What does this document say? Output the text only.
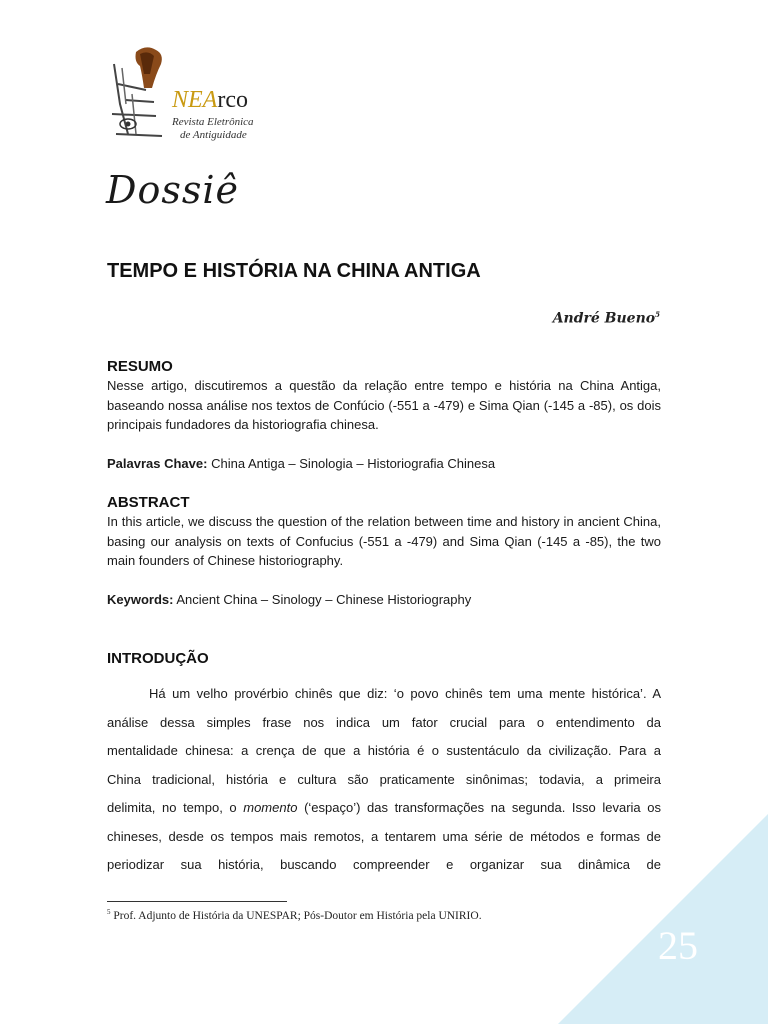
NEArco
Revista Eletrônica
de Antiguidade
Dossiê
TEMPO E HISTÓRIA NA CHINA ANTIGA
André Bueno$^5$
RESUMO

Nesse artigo, discutiremos a questão da relação entre tempo e história na China Antiga, baseando nossa análise nos textos de Confúcio (-551 a -479) e Sima Qian (-145 a -85), os dois principais fundadores da historiografia chinesa.

Palavras Chave: China Antiga – Sinologia – Historiografia Chinesa

ABSTRACT

In this article, we discuss the question of the relation between time and history in ancient China, basing our analysis on texts of Confucius (-551 a -479) and Sima Qian (-145 a -85), the two main founders of Chinese historiography.

Keywords: Ancient China – Sinology – Chinese Historiography

INTRODUÇÃO
Há um velho provérbio chinês que diz: ‘o povo chinês tem uma mente histórica’. A
análise dessa simples frase nos indica um fator crucial para o entendimento da
mentalidade chinesa: a crença de que a história é o sustentáculo da civilização. Para a
China tradicional, história e cultura são praticamente sinônimas; todavia, a primeira
delimita, no tempo, o momento (‘espaço’) das transformações na segunda. Isso levaria os
chineses, desde os tempos mais remotos, a tentarem uma série de métodos e formas de
periodizar sua história, buscando compreender e organizar sua dinâmica de
$^5$ Prof. Adjunto de História da UNESPAR; Pós-Doutor em História pela UNIRIO.
25
